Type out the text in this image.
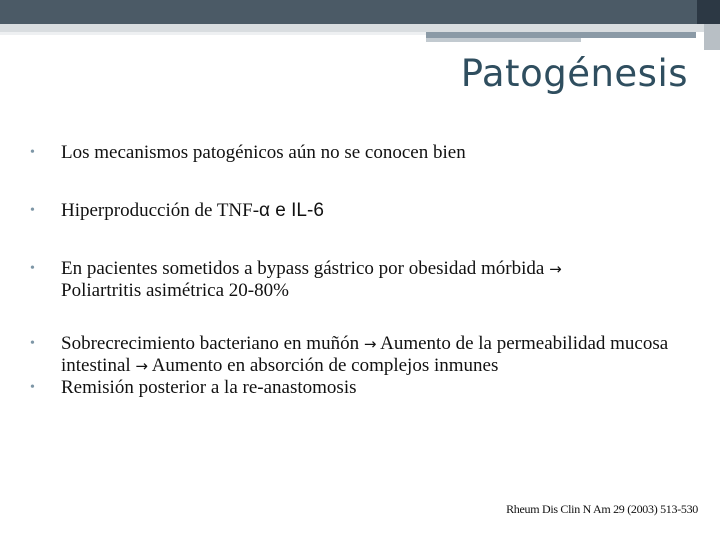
Patogénesis
• Los mecanismos patogénicos aún no se conocen bien
• Hiperproducción de TNF-α e IL-6
• En pacientes sometidos a bypass gástrico por obesidad mórbida →
Poliartritis asimétrica 20-80%
• Sobrecrecimiento bacteriano en muñón → Aumento de la permeabilidad mucosa intestinal → Aumento en absorción de complejos inmunes
• Remisión posterior a la re-anastomosis
Rheum Dis Clin N Am 29 (2003) 513-530
